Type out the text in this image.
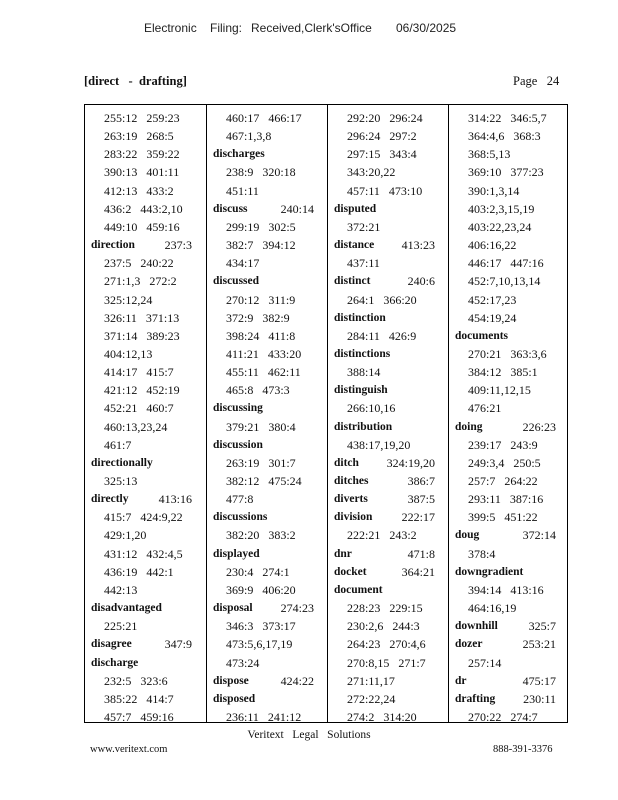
Electronic Filing: Received,Clerk'sOffice 06/30/2025
[direct   -  drafting]	Page 24
255:12   259:23
263:19   268:5
283:22   359:22
390:13   401:11
412:13   433:2
436:2   443:2,10
449:10   459:16
direction 237:3
237:5   240:22
271:1,3   272:2
325:12,24
326:11   371:13
371:14   389:23
404:12,13
414:17   415:7
421:12   452:19
452:21   460:7
460:13,23,24
461:7
directionally
325:13
directly	413:16
415:7   424:9,22
429:1,20
431:12   432:4,5
436:19   442:1
442:13
disadvantaged
225:21
disagree	347:9
discharge
232:5   323:6
385:22   414:7
457:7   459:16
460:17   466:17
467:1,3,8
discharges
238:9   320:18
451:11
discuss	240:14
299:19   302:5
382:7   394:12
434:17
discussed
270:12   311:9
372:9   382:9
398:24   411:8
411:21   433:20
455:11   462:11
465:8   473:3
discussing
379:21   380:4
discussion
263:19   301:7
382:12   475:24
477:8
discussions
382:20   383:2
displayed
230:4   274:1
369:9   406:20
disposal 274:23
346:3   373:17
473:5,6,17,19
473:24
dispose	424:22
disposed
236:11   241:12
292:20   296:24
296:24   297:2
297:15   343:4
343:20,22
457:11   473:10
disputed
372:21
distance 413:23
437:11
distinct	240:6
264:1   366:20
distinction
284:11   426:9
distinctions
388:14
distinguish
266:10,16
distribution
438:17,19,20
ditch 324:19,20
ditches	386:7
diverts	387:5
division 222:17
222:21   243:2
dnr	471:8
docket	364:21
document
228:23   229:15
230:2,6   244:3
264:23   270:4,6
270:8,15   271:7
271:11,17
272:22,24
274:2   314:20
314:22   346:5,7
364:4,6   368:3
368:5,13
369:10   377:23
390:1,3,14
403:2,3,15,19
403:22,23,24
406:16,22
446:17   447:16
452:7,10,13,14
452:17,23
454:19,24
documents
270:21   363:3,6
384:12   385:1
409:11,12,15
476:21
doing	226:23
239:17   243:9
249:3,4   250:5
257:7   264:22
293:11   387:16
399:5   451:22
doug	372:14
378:4
downgradient
394:14   413:16
464:16,19
downhill	325:7
dozer	253:21
257:14
dr	475:17
drafting 230:11
270:22   274:7
Veritext   Legal   Solutions
www.veritext.com	888-391-3376
